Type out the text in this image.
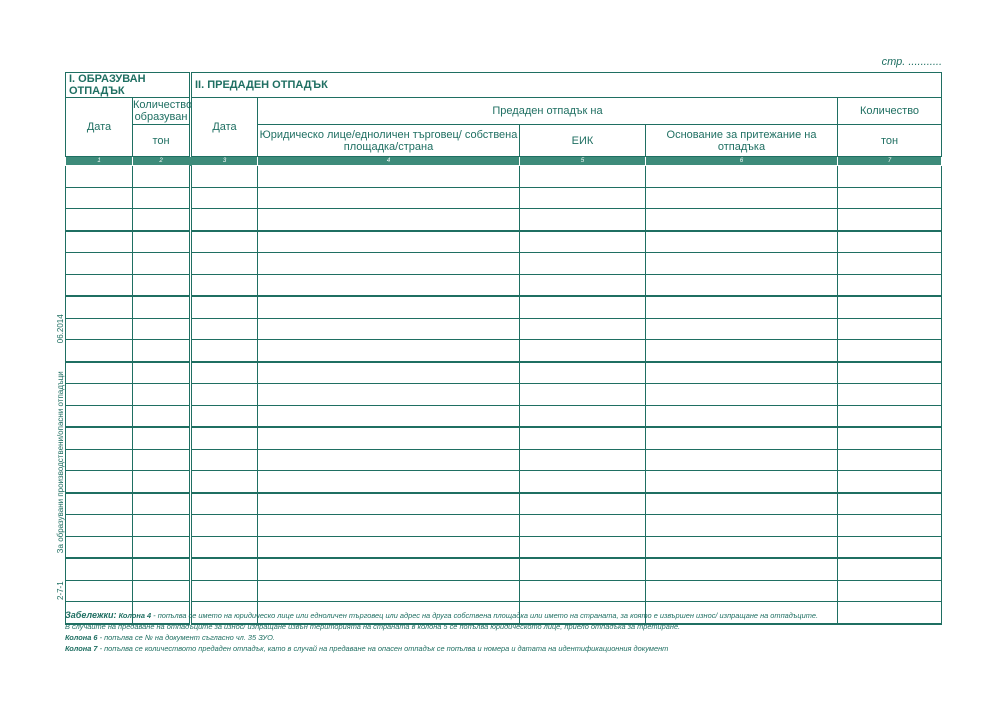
стр. ...........
2-7-1
За образувани производствени/опасни отпадъци
06.2014
I. ОБРАЗУВАН ОТПАДЪК		II. ПРЕДАДЕН ОТПАДЪК				
Дата	Количество образуван	Дата	Предаден отпадък на			Количество
	тон		Юридическо лице/едноличен търговец/ собствена площадка/страна	ЕИК	Основание за притежание на отпадъка	тон
1	2	3	4	5	6	7

Забележки: Колона 4 - попълва се името на юридическо лице или едноличен търговец или адрес на друга собствена площадка или името на страната, за която е извършен износ/ изпращане на отпадъците.
В случайте на предаване на отпадъците за износ/ изпращане извън територията на страната в колона 5 се попълва юридическото лице, приело отпадъка за третиране.
Колона 6 - попълва се № на документ съгласно чл. 35 ЗУО.
Колона 7 - попълва се количеството предаден отпадък, като в случай на предаване на опасен отпадък се попълва и номера и датата на идентификационния документ
